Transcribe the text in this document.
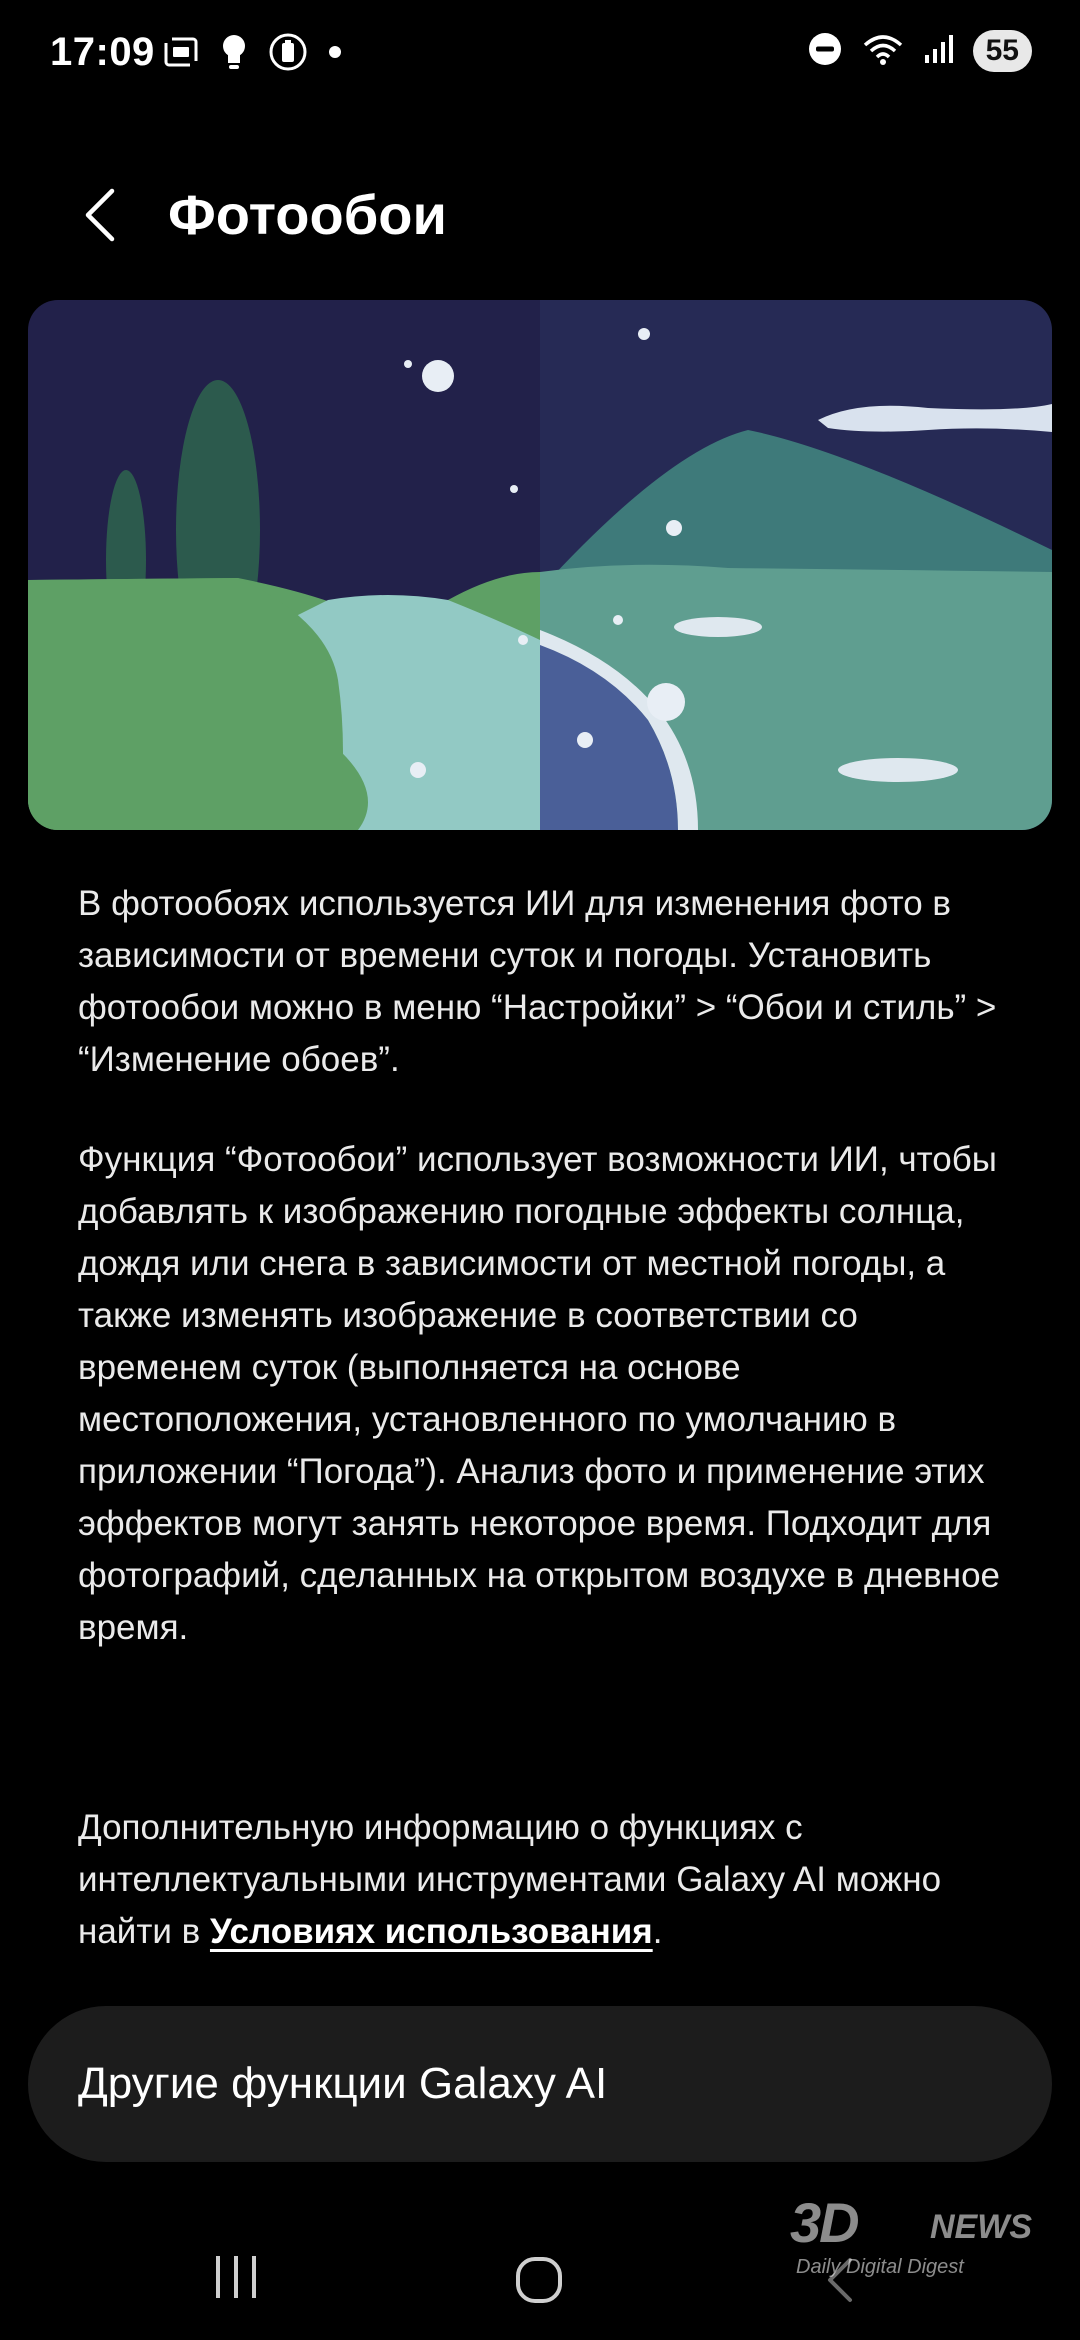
17:09	55
Фотообои
В фотообоях используется ИИ для изменения фото в зависимости от времени суток и погоды. Установить фотообои можно в меню “Настройки” > “Обои и стиль” > “Изменение обоев”.
Функция “Фотообои” использует возможности ИИ, чтобы добавлять к изображению погодные эффекты солнца, дождя или снега в зависимости от местной погоды, а также изменять изображение в соответствии со временем суток (выполняется на основе местоположения, установленного по умолчанию в приложении “Погода”). Анализ фото и применение этих эффектов могут занять некоторое время. Подходит для фотографий, сделанных на открытом воздухе в дневное время.
Дополнительную информацию о функциях с интеллектуальными инструментами Galaxy AI можно найти в Условиях использования.
Другие функции Galaxy AI
3D NEWS
Daily Digital Digest
